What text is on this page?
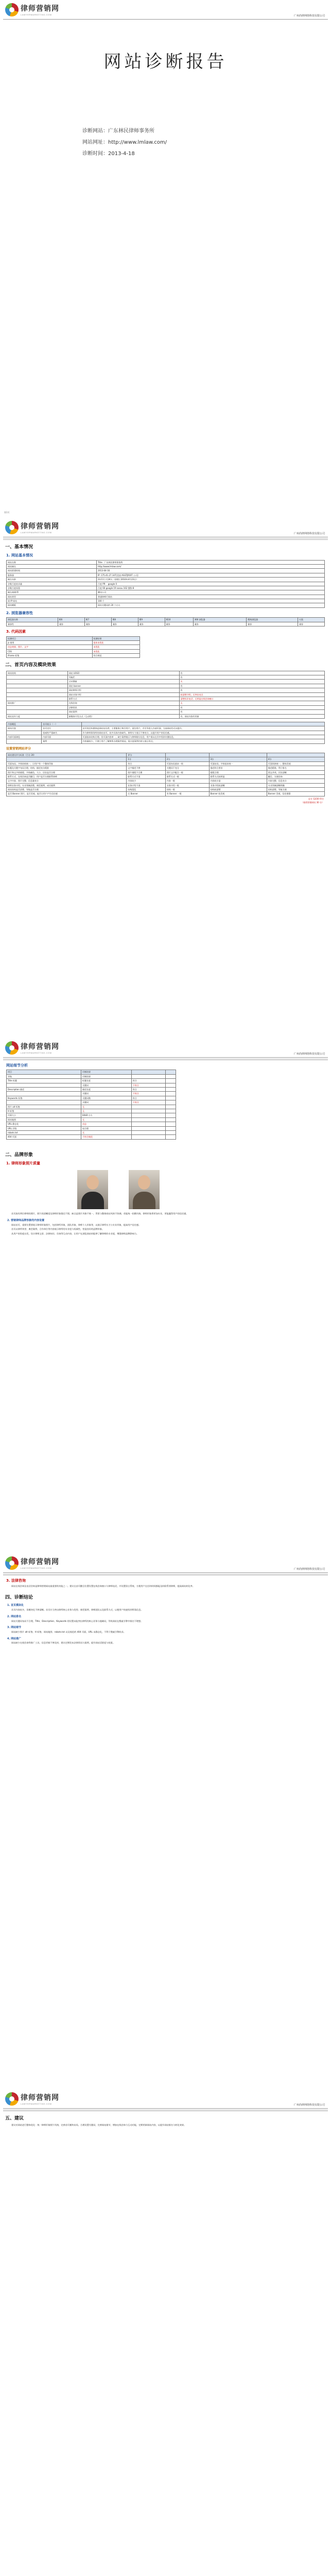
律师营销网
LAWYERMARKETING.COM	广州尚律网络科技有限公司
网站诊断报告
诊断网站：广东林民律师事务所
网站网址：http://www.lmlaw.com/
诊断时间：2013-4-18
第1页
律师营销网
LAWYERMARKETING.COM	广州尚律网络科技有限公司
一、基本情况
1. 网站基本情况
网站名称	Title：广东林民律师事务所
网站域名	http://www.lmlaw.com/
网站搭建时间	2013-04-16
服务器	IP: 175.41.27.147[美国 ASGTJROIT 公司]
域名年龄	2年11个月24天（创建于2010年4月23日）
谷歌百度收录量	百度 PR： google 0
谷歌百度权重	百度 60 google 19 sosou 162 搜狗 8
域名商/联系	腾讯公司
网站类型	普通律师行网站
网 IP 网站	100 个
网站模板	网站关键词约 20 个左右
2. 浏览器兼容性
浏览器名称	IE6	IE7	IE8	IE9	IE10	360 浏览器	搜狗浏览器	火狐
兼容性	兼容	兼容	兼容	兼容	兼容	兼容	兼容	兼容
3. 代码因素
检测项目	检测结果
js 使用	基本未优化
动态效果、图片、文字	未优化
CSS	未优化
iframe 标签	符合规范
二、首页内容及模块效果
网站结构	网站 LOGO	有
	导航栏	有
	全站搜索	无
	网站 banner	有
	网站律师介绍	有
	网站业务介绍	较清楚介绍，无突出亮点
	联系方式	清楚标识电话，无明显在线咨询窗口
网站推广	在线咨询	无
	法律资讯	有
	网站案例	有
网站宣传力度	新媒体开发方式（互动性）	有，网站内容有更新
内容概览	首页展示（一）	
网站内容	首页定位	首页的目标群体是网站访问者、主要服务于吸引用户、留住用户、并引导进入内部页面，当前网站仍可以提升。
	权威性严重缺失	作为律师事务所的网站首页、较多具体内容缺失、律所实力展示不够充分，以提升用户的信任感。
内部页面浏览	内部页面	页面基本结构合理、但页面内容单一、缺少案例展示与律师细分信息，用户难以在其中找到关键信息。
	案例	内容量较少，不便于用户了解律所办理案件情况、需丰富案例内容与展示形式。
设置营销网站评分
网站建设评分标准（百分 20）	评分			
	1分	2分	3分	4分
页面布局、字体结构统一、让用户有一个整体印象	符合	页面布局基本一致	页面布局、字体基本统一	页面风格统一、整体美观
标题及关键字布局合理、结构、描述充分精准	文字描述不够	关键词不充分	描述符合要求	描述精准、利于排名
图片和文字的排版、字体颜色、大小、层次是否合理	图片排版不合理	图片文字配合一般	排版合理	图文并茂、层次清晰
联系方式、在线咨询是否醒目、用户是否方便联系律师	联系方式不清	联系方式一般	联系方式较明显	醒目、方便咨询
文字内容、图片完整、信息量充分	内容较少	内容一般	内容较丰富	内容完整、信息充分
律师业务介绍、专业领域清楚、典型案例、成功案例	业务介绍不清	业务介绍一般	业务介绍较清晰	专业领域清晰明确
网站结构是否清楚、导航是否方便	结构混乱	结构一般	结构较清楚	结构清楚、导航方便
是否 Banner 图片、是否美观、能否让用户产生信任感	无 Banner	有 Banner 一般	Banner 较美观	Banner 美观、信任感强
总分 12/20 得分
（低档营销网站 30 分）
律师营销网
LAWYERMARKETING.COM	广州尚律网络科技有限公司
网站细节分析
项目	诊断结果		
导航	诊断结果		
Title 标题	标题长度	符合	
	关键词	不符合	
Description 描述	描述长度	符合	
	关键词	不符合	
Keywords 标签	关键词数	符合	
	关键词	不符合	
图片 alt 标签	无		
H 标签	无		
页面大小	84kB 左右		
网站地图	无		
URL 静态化	动态		
URL 层级	较合理		
robots.txt	无		
404 页面	不符合规范		
二、品牌形象
1. 律师形象照片质量

首页放有两位律师的照片，照片的清晰度及律师形象都还不错，缺点是照片风格不统一，背景与整体网站风格不协调。若能统一拍摄风格，律师形象将更加专业，更能赢得用户的信任感。

2. 营销律师品牌形象的内容设置

网站首页、重要位置要展示律师形象照片，包括律所形象、团队形象、律师个人形象等，以展示律所实力与专业形象，提高用户信任感。

首页以律所荣誉、典型案例、合作单位等内容展示律所的专业度与权威性，营造良好的品牌形象。

从用户的角度出发，设计律师文章、法律知识、咨询等互动内容，让用户在浏览网站时能够了解律师的专业度，增强律师品牌影响力。

律师营销网
LAWYERMARKETING.COM	广州尚律网络科技有限公司
3. 法律咨询

网站在线咨询及电话咨询是律师营销网站最重要的功能之一。建议在首页醒目位置设置在线咨询窗口与律师电话，并设置留言系统，方便用户在任何时间都能及时联系到律师，提高网站转化率。

四、诊断结论
1. 首页模块化

首页内容较多，但模块化不够清晰。首页应当突出律所核心业务与优势、典型案例、律师团队以及联系方式，以便用户快速找到所需信息。

2. 网站排名

网站关键词布局不合理，Title、Description、Keywords 的设置未能突出律所的核心业务与地域词，导致网站在搜索引擎中排名不理想。

3. 网站细节

网站缺少图片 alt 标签、H 标签、网站地图、robots.txt 以及规范的 404 页面，URL 未静态化，不利于搜索引擎收录。

4. 网站推广

网站缺少在线咨询等推广工具，信息更新不够及时，建议定期发布法律资讯与案例，提升网站活跃度与权重。

律师营销网
LAWYERMARKETING.COM	广州尚律网络科技有限公司
五、建议

建议对网站进行整体优化：统一律师形象照片风格，完善首页模块布局，合理设置关键词，完善网站细节，增加在线咨询与互动功能，定期更新网站内容，以提升网站排名与转化效果。
